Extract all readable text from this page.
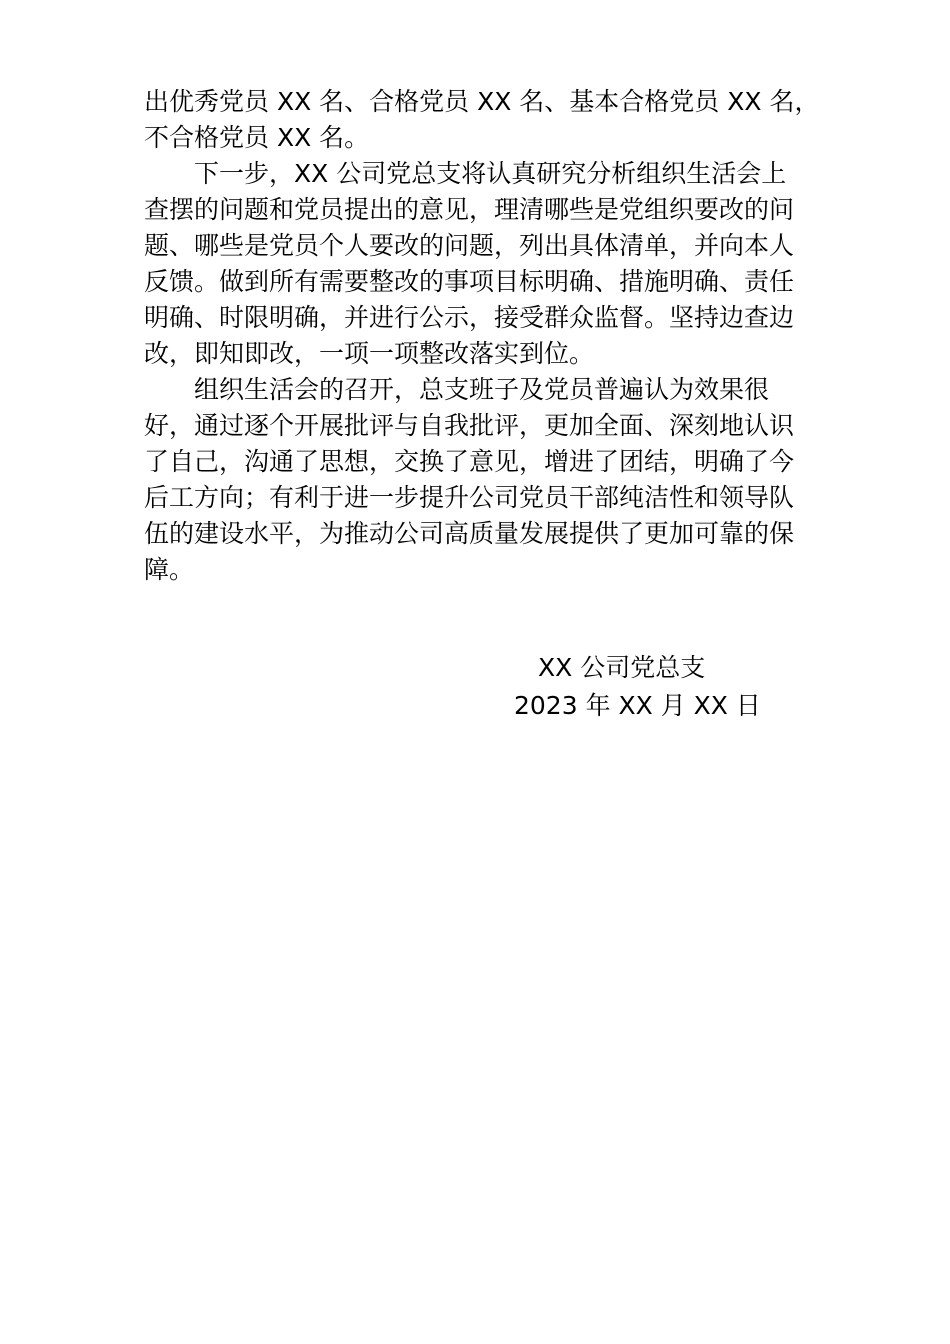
出优秀党员 XX 名、合格党员 XX 名、基本合格党员 XX 名，
不合格党员 XX 名。
下一步，XX 公司党总支将认真研究分析组织生活会上
查摆的问题和党员提出的意见，理清哪些是党组织要改的问
题、哪些是党员个人要改的问题，列出具体清单，并向本人
反馈。做到所有需要整改的事项目标明确、措施明确、责任
明确、时限明确，并进行公示，接受群众监督。坚持边查边
改，即知即改，一项一项整改落实到位。
组织生活会的召开，总支班子及党员普遍认为效果很
好，通过逐个开展批评与自我批评，更加全面、深刻地认识
了自己，沟通了思想，交换了意见，增进了团结，明确了今
后工方向；有利于进一步提升公司党员干部纯洁性和领导队
伍的建设水平，为推动公司高质量发展提供了更加可靠的保
障。
XX 公司党总支
2023 年 XX 月 XX 日
